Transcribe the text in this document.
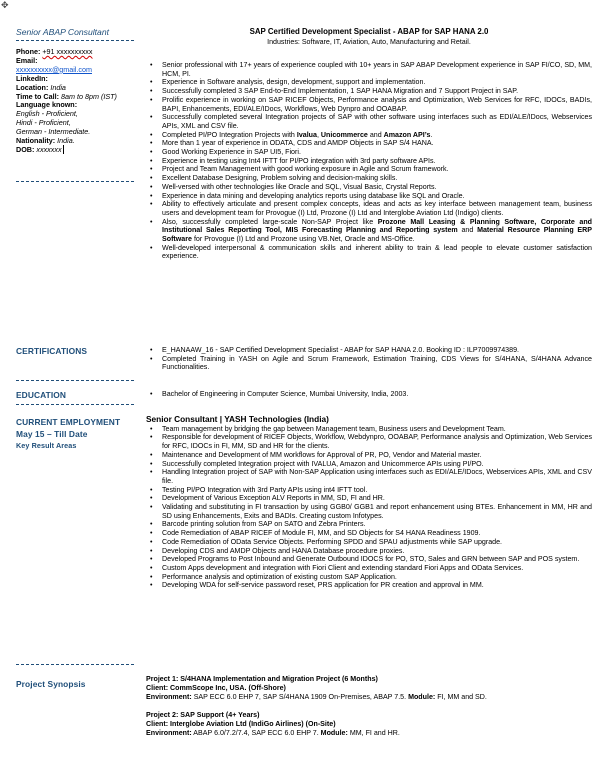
✥
Senior ABAP Consultant
Phone: +91 xxxxxxxxxx
Email:
xxxxxxxxxx@gmail.com
LinkedIn:
Location: India
Time to Call: 8am to 8pm (IST)
Language known:
English - Proficient,
Hindi - Proficient,
German - Intermediate.
Nationality: India.
DOB: xxxxxxx
CERTIFICATIONS
EDUCATION
CURRENT EMPLOYMENT
May 15 – Till Date
Key Result Areas
Project Synopsis
SAP Certified Development Specialist - ABAP for SAP HANA 2.0
Industries: Software, IT, Aviation, Auto, Manufacturing and Retail.
• Senior professional with 17+ years of experience coupled with 10+ years in SAP ABAP Development experience in SAP FI/CO, SD, MM, HCM, PI.
• Experience in Software analysis, design, development, support and implementation.
• Successfully completed 3 SAP End-to-End Implementation, 1 SAP HANA Migration and 7 Support Project in SAP.
• Prolific experience in working on SAP RICEF Objects, Performance analysis and Optimization, Web Services for RFC, IDOCs, BADIs, BAPI, Enhancements, EDI/ALE/IDocs, Workflows, Web Dynpro and OOABAP.
• Successfully completed several Integration projects of SAP with other software using interfaces such as EDI/ALE/IDocs, Webservices APIs, XML and CSV file.
• Completed PI/PO Integration Projects with Ivalua, Unicommerce and Amazon API’s.
• More than 1 year of experience in ODATA, CDS and AMDP Objects in SAP S/4 HANA.
• Good Working Experience in SAP UI5, Fiori.
• Experience in testing using Int4 IFTT for PI/PO integration with 3rd party software APIs.
• Project and Team Management with good working exposure in Agile and Scrum framework.
• Excellent Database Designing, Problem solving and decision-making skills.
• Well-versed with other technologies like Oracle and SQL, Visual Basic, Crystal Reports.
• Experience in data mining and developing analytics reports using database like SQL and Oracle.
• Ability to effectively articulate and present complex concepts, ideas and acts as key interface between management team, business users and development team for Provogue (I) Ltd, Prozone (I) Ltd and Interglobe Aviation Ltd (Indigo) clients.
• Also, successfully completed large-scale Non-SAP Project like Prozone Mall Leasing & Planning Software, Corporate and Institutional Sales Reporting Tool, MIS Forecasting Planning and Reporting system and Material Resource Planning ERP Software for Provogue (I) Ltd and Prozone using VB.Net, Oracle and MS-Office.
• Well-developed interpersonal & communication skills and inherent ability to train & lead people to elevate customer satisfaction experience.
• E_HANAAW_16 - SAP Certified Development Specialist - ABAP for SAP HANA 2.0. Booking ID : ILP7009974389.
• Completed Training in YASH on Agile and Scrum Framework, Estimation Training, CDS Views for S/4HANA, S/4HANA Advance Functionalities.
• Bachelor of Engineering in Computer Science, Mumbai University, India, 2003.
Senior Consultant | YASH Technologies (India)
• Team management by bridging the gap between Management team, Business users and Development Team.
• Responsible for development of RICEF Objects, Workflow, Webdynpro, OOABAP, Performance analysis and Optimization, Web Services for RFC, IDOCs in FI, MM, SD and HR for the clients.
• Maintenance and Development of MM workflows for Approval of PR, PO, Vendor and Material master.
• Successfully completed Integration project with IVALUA, Amazon and Unicommerce APIs using PI/PO.
• Handling Integration project of SAP with Non-SAP Application using interfaces such as EDI/ALE/IDocs, Webservices APIs, XML and CSV file.
• Testing PI/PO Integration with 3rd Party APIs using int4 IFTT tool.
• Development of Various Exception ALV Reports in MM, SD, FI and HR.
• Validating and substituting in FI transaction by using GGB0/ GGB1 and report enhancement using BTEs. Enhancement in MM, HR and SD using Enhancements, Exits and BADIs. Creating custom Infotypes.
• Barcode printing solution from SAP on SATO and Zebra Printers.
• Code Remediation of ABAP RICEF of Module FI, MM, and SD Objects for S4 HANA Readiness 1909.
• Code Remediation of OData Service Objects. Performing SPDD and SPAU adjustments while SAP upgrade.
• Developing CDS and AMDP Objects and HANA Database procedure proxies.
• Developed Programs to Post Inbound and Generate Outbound IDOCS for PO, STO, Sales and GRN between SAP and POS system.
• Custom Apps development and integration with Fiori Client and extending standard Fiori Apps and OData Services.
• Performance analysis and optimization of existing custom SAP Application.
• Developing WDA for self-service password reset, PRS application for PR creation and approval in MM.

Project 1: S/4HANA Implementation and Migration Project (6 Months)

Client: CommScope Inc, USA. (Off-Shore)

Environment: SAP ECC 6.0 EHP 7, SAP S/4HANA 1909 On-Premises, ABAP 7.5. Module: FI, MM and SD.

Project 2: SAP Support (4+ Years)

Client: Interglobe Aviation Ltd (IndiGo Airlines) (On-Site)

Environment: ABAP 6.0/7.2/7.4, SAP ECC 6.0 EHP 7. Module: MM, FI and HR.
